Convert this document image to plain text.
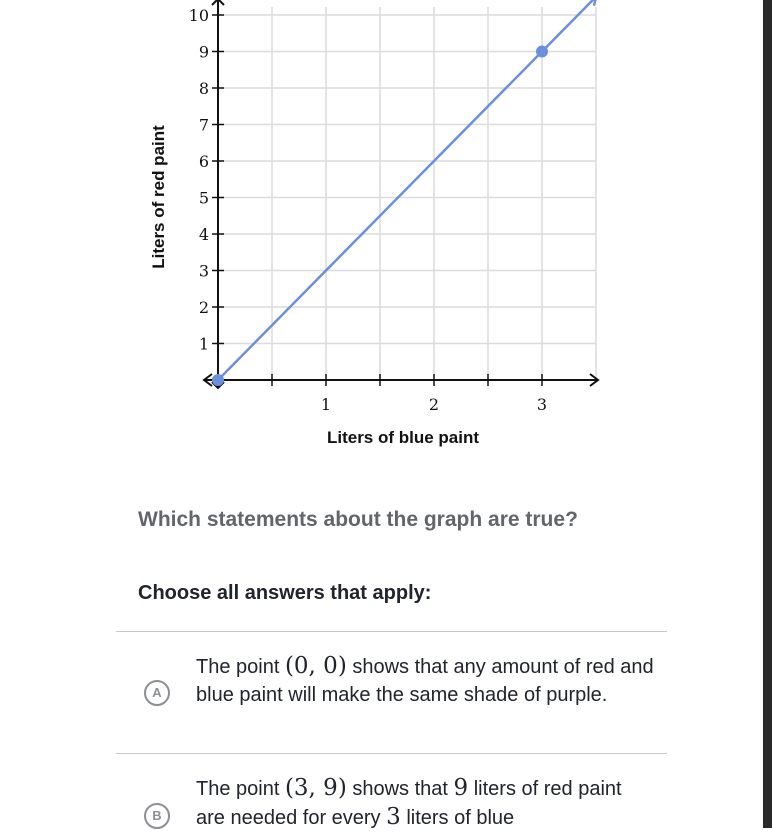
1	2	3
1
2
3
4
5
6
7
8
9
10
Liters of blue paint
Liters of red paint
Which statements about the graph are true?
Choose all answers that apply:
A
The point (0, 0) shows that any amount of red and blue paint will make the same shade of purple.
B
The point (3, 9) shows that 9 liters of red paint are needed for every 3 liters of blue
